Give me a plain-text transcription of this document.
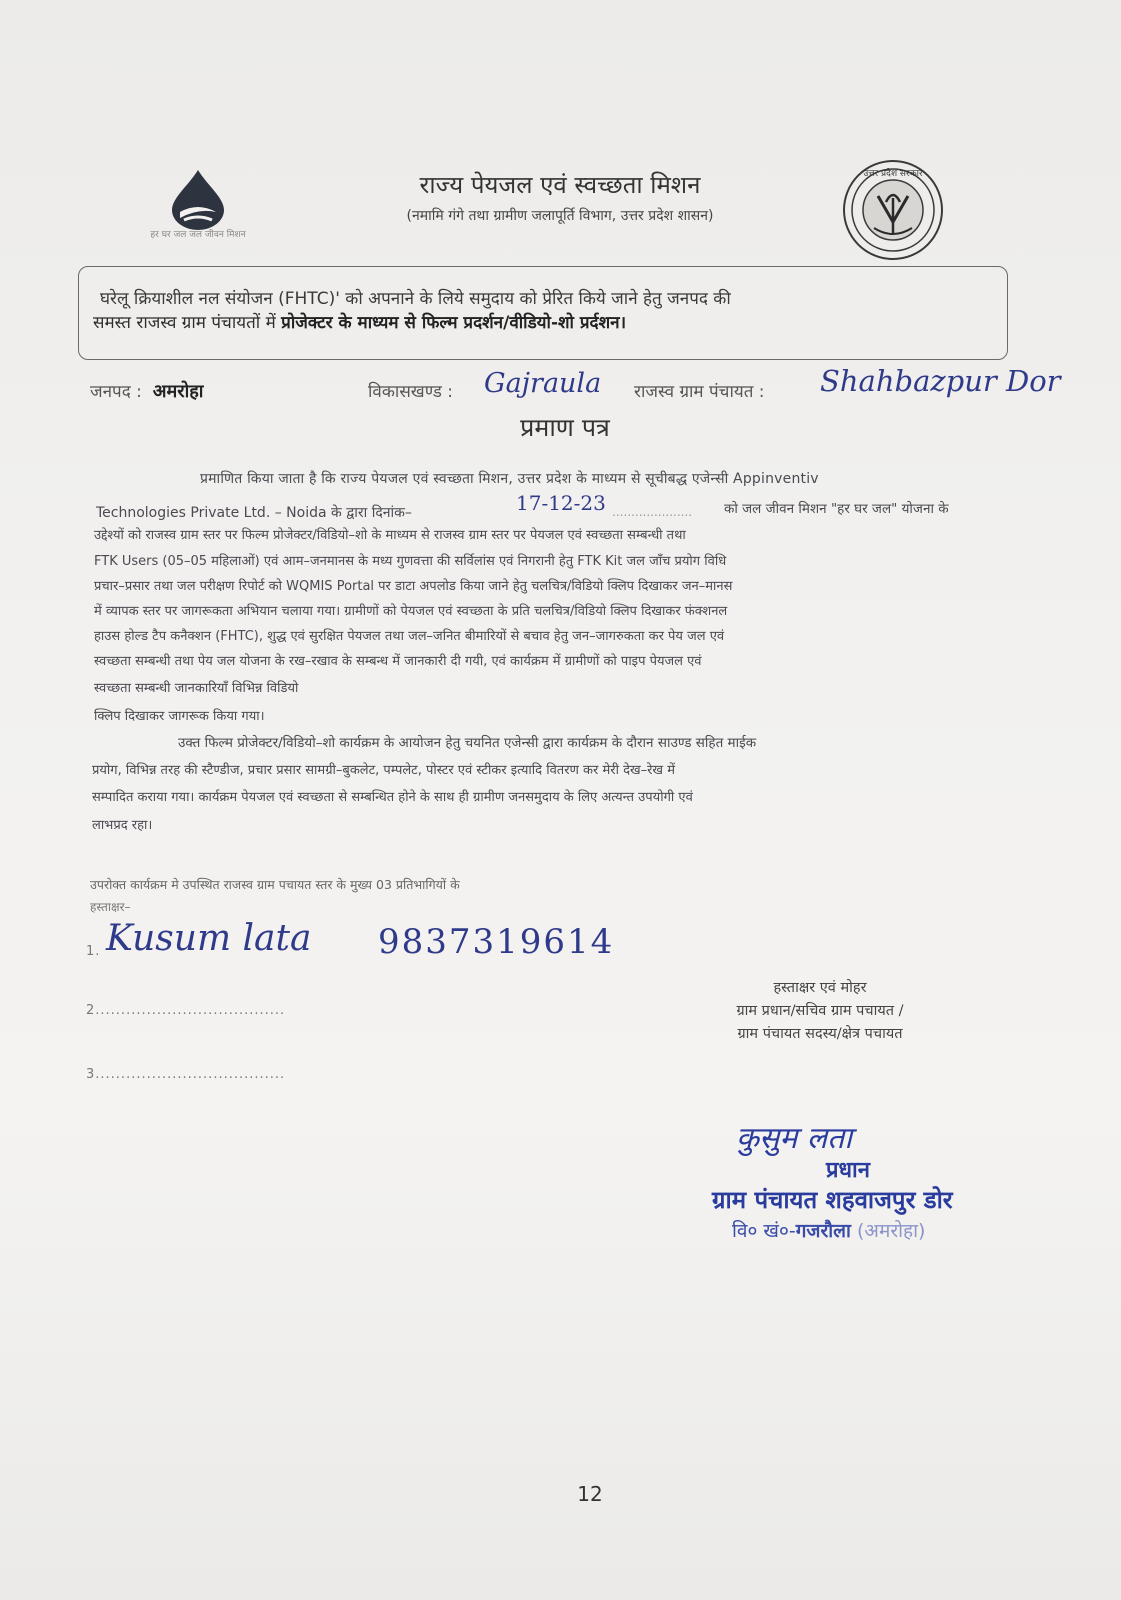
हर घर जल जल जीवन मिशन
राज्य पेयजल एवं स्वच्छता मिशन
(नमामि गंगे तथा ग्रामीण जलापूर्ति विभाग, उत्तर प्रदेश शासन)
उत्तर प्रदेश सरकार
घरेलू क्रियाशील नल संयोजन (FHTC)' को अपनाने के लिये समुदाय को प्रेरित किये जाने हेतु जनपद की
समस्त राजस्व ग्राम पंचायतों में प्रोजेक्टर के माध्यम से फिल्म प्रदर्शन/वीडियो-शो प्रर्दशन।
जनपद : अमरोहा	विकासखण्ड : Gajraula राजस्व ग्राम पंचायत : Shahbazpur Dor
प्रमाण पत्र
प्रमाणित किया जाता है कि राज्य पेयजल एवं स्वच्छता मिशन, उत्तर प्रदेश के माध्यम से सूचीबद्ध एजेन्सी Appinventiv
Technologies Private Ltd. – Noida के द्वारा दिनांक–	17-12-23 ..................... को जल जीवन मिशन "हर घर जल" योजना के
उद्देश्यों को राजस्व ग्राम स्तर पर फिल्म प्रोजेक्टर/विडियो–शो के माध्यम से राजस्व ग्राम स्तर पर पेयजल एवं स्वच्छता सम्बन्धी तथा
FTK Users (05–05 महिलाओं) एवं आम–जनमानस के मध्य गुणवत्ता की सर्विलांस एवं निगरानी हेतु FTK Kit जल जाँच प्रयोग विधि
प्रचार–प्रसार तथा जल परीक्षण रिपोर्ट को WQMIS Portal पर डाटा अपलोड किया जाने हेतु चलचित्र/विडियो क्लिप दिखाकर जन–मानस
में व्यापक स्तर पर जागरूकता अभियान चलाया गया। ग्रामीणों को पेयजल एवं स्वच्छता के प्रति चलचित्र/विडियो क्लिप दिखाकर फंक्शनल
हाउस होल्ड टैप कनैक्शन (FHTC), शुद्ध एवं सुरक्षित पेयजल तथा जल–जनित बीमारियों से बचाव हेतु जन–जागरुकता कर पेय जल एवं
स्वच्छता सम्बन्धी तथा पेय जल योजना के रख–रखाव के सम्बन्ध में जानकारी दी गयी, एवं कार्यक्रम में ग्रामीणों को पाइप पेयजल एवं
स्वच्छता सम्बन्धी जानकारियाँ विभिन्न विडियो
क्लिप दिखाकर जागरूक किया गया।
उक्त फिल्म प्रोजेक्टर/विडियो–शो कार्यक्रम के आयोजन हेतु चयनित एजेन्सी द्वारा कार्यक्रम के दौरान साउण्ड सहित माईक
प्रयोग, विभिन्न तरह की स्टैण्डीज, प्रचार प्रसार सामग्री–बुकलेट, पम्पलेट, पोस्टर एवं स्टीकर इत्यादि वितरण कर मेरी देख–रेख में
सम्पादित कराया गया। कार्यक्रम पेयजल एवं स्वच्छता से सम्बन्धित होने के साथ ही ग्रामीण जनसमुदाय के लिए अत्यन्त उपयोगी एवं
लाभप्रद रहा।
उपरोक्त कार्यक्रम मे उपस्थित राजस्व ग्राम पचायत स्तर के मुख्य 03 प्रतिभागियों के
हस्ताक्षर–
1. Kusum lata 9837319614
2.....................................
3.....................................
हस्ताक्षर एवं मोहर
ग्राम प्रधान/सचिव ग्राम पचायत /
ग्राम पंचायत सदस्य/क्षेत्र पचायत
कुसुम लता
प्रधान
ग्राम पंचायत शहवाजपुर डोर
वि० खं०-गजरौला (अमरोहा)
12
